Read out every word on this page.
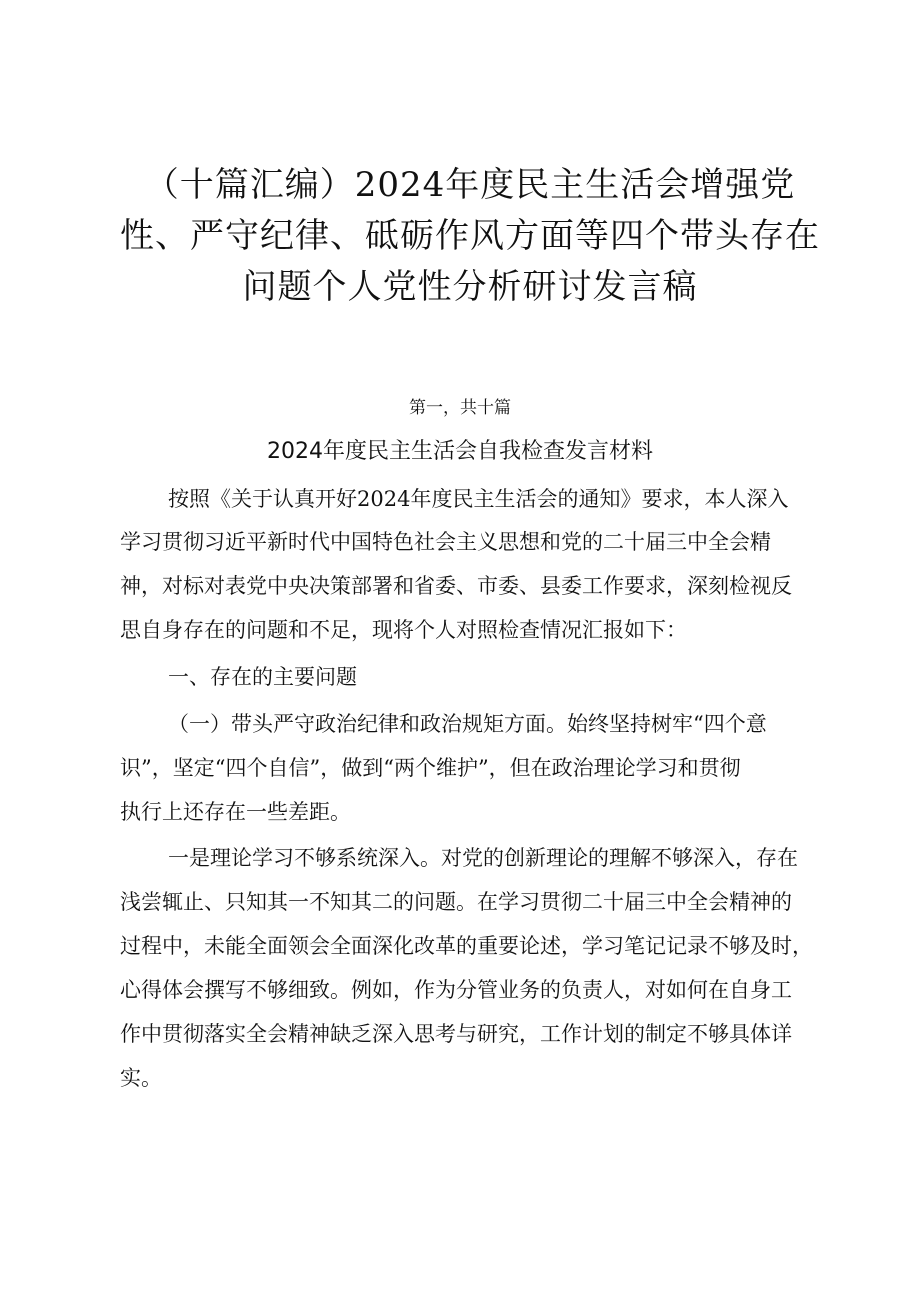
（十篇汇编）2024年度民主生活会增强党
性、严守纪律、砥砺作风方面等四个带头存在
问题个人党性分析研讨发言稿
第一，共十篇
2024年度民主生活会自我检查发言材料
按照《关于认真开好2024年度民主生活会的通知》要求，本人深入
学习贯彻习近平新时代中国特色社会主义思想和党的二十届三中全会精
神，对标对表党中央决策部署和省委、市委、县委工作要求，深刻检视反
思自身存在的问题和不足，现将个人对照检查情况汇报如下：
一、存在的主要问题
（一）带头严守政治纪律和政治规矩方面。始终坚持树牢“四个意
识”，坚定“四个自信”，做到“两个维护”，但在政治理论学习和贯彻
执行上还存在一些差距。
一是理论学习不够系统深入。对党的创新理论的理解不够深入，存在
浅尝辄止、只知其一不知其二的问题。在学习贯彻二十届三中全会精神的
过程中，未能全面领会全面深化改革的重要论述，学习笔记记录不够及时，
心得体会撰写不够细致。例如，作为分管业务的负责人，对如何在自身工
作中贯彻落实全会精神缺乏深入思考与研究，工作计划的制定不够具体详
实。
